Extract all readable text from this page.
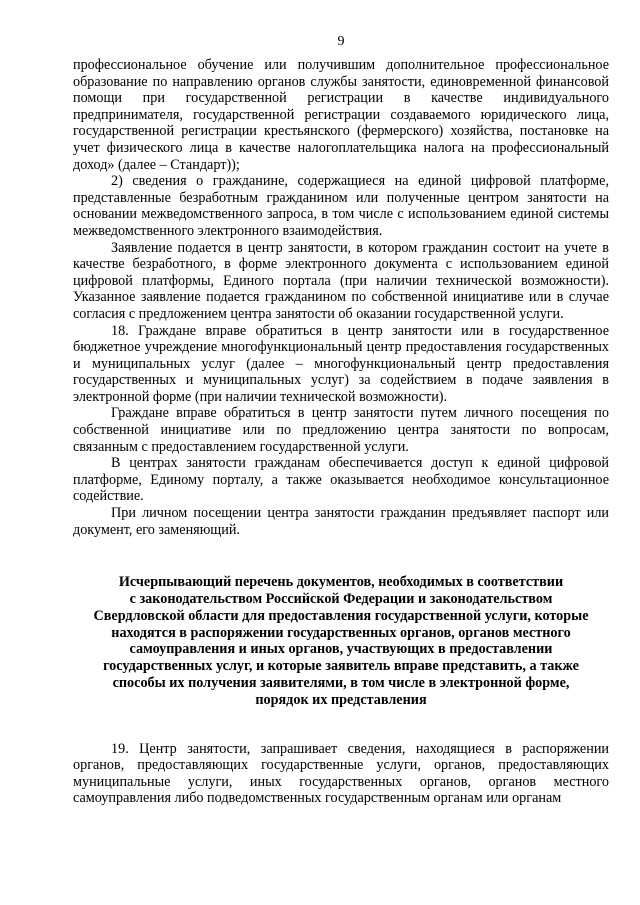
9

профессиональное обучение или получившим дополнительное профессиональное образование по направлению органов службы занятости, единовременной финансовой помощи при государственной регистрации в качестве индивидуального предпринимателя, государственной регистрации создаваемого юридического лица, государственной регистрации крестьянского (фермерского) хозяйства, постановке на учет физического лица в качестве налогоплательщика налога на профессиональный доход» (далее – Стандарт));

2) сведения о гражданине, содержащиеся на единой цифровой платформе, представленные безработным гражданином или полученные центром занятости на основании межведомственного запроса, в том числе с использованием единой системы межведомственного электронного взаимодействия.

Заявление подается в центр занятости, в котором гражданин состоит на учете в качестве безработного, в форме электронного документа с использованием единой цифровой платформы, Единого портала (при наличии технической возможности). Указанное заявление подается гражданином по собственной инициативе или в случае согласия с предложением центра занятости об оказании государственной услуги.

18. Граждане вправе обратиться в центр занятости или в государственное бюджетное учреждение многофункциональный центр предоставления государственных и муниципальных услуг (далее – многофункциональный центр предоставления государственных и муниципальных услуг) за содействием в подаче заявления в электронной форме (при наличии технической возможности).

Граждане вправе обратиться в центр занятости путем личного посещения по собственной инициативе или по предложению центра занятости по вопросам, связанным с предоставлением государственной услуги.

В центрах занятости гражданам обеспечивается доступ к единой цифровой платформе, Единому порталу, а также оказывается необходимое консультационное содействие.

При личном посещении центра занятости гражданин предъявляет паспорт или документ, его заменяющий.

Исчерпывающий перечень документов, необходимых в соответствии
с законодательством Российской Федерации и законодательством
Свердловской области для предоставления государственной услуги, которые
находятся в распоряжении государственных органов, органов местного
самоуправления и иных органов, участвующих в предоставлении
государственных услуг, и которые заявитель вправе представить, а также
способы их получения заявителями, в том числе в электронной форме,
порядок их представления

19. Центр занятости, запрашивает сведения, находящиеся в распоряжении органов, предоставляющих государственные услуги, органов, предоставляющих муниципальные услуги, иных государственных органов, органов местного самоуправления либо подведомственных государственным органам или органам
